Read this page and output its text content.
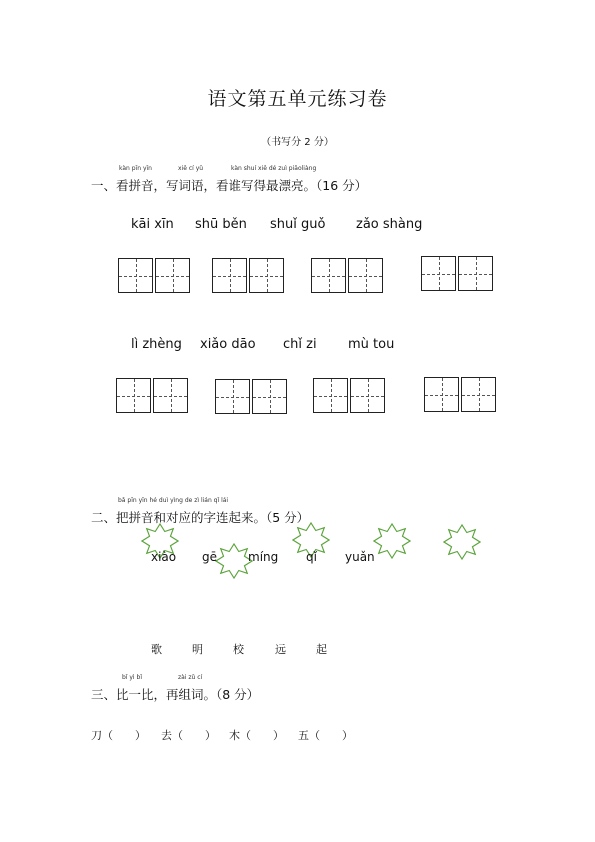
语文第五单元练习卷
（书写分 2 分）
kàn pīn yīn	xiě cí yǔ	kàn shuí xiě dé zuì piāoliàng
一、看拼音，写词语，看谁写得最漂亮。（16 分）
kāi xīn shū běn shuǐ guǒ zǎo shàng
lì zhèng xiǎo dāo chǐ zi mù tou
bǎ pīn yīn hé duì yìng de zì lián qǐ lái
二、把拼音和对应的字连起来。（5 分）
xiào gē	míng qǐ yuǎn
歌	明	校	远	起
bǐ yì bǐ	zài zǔ cí
三、比一比，再组词。（8 分）
刀（　　） 去（　　） 木（　　） 五（　　）
